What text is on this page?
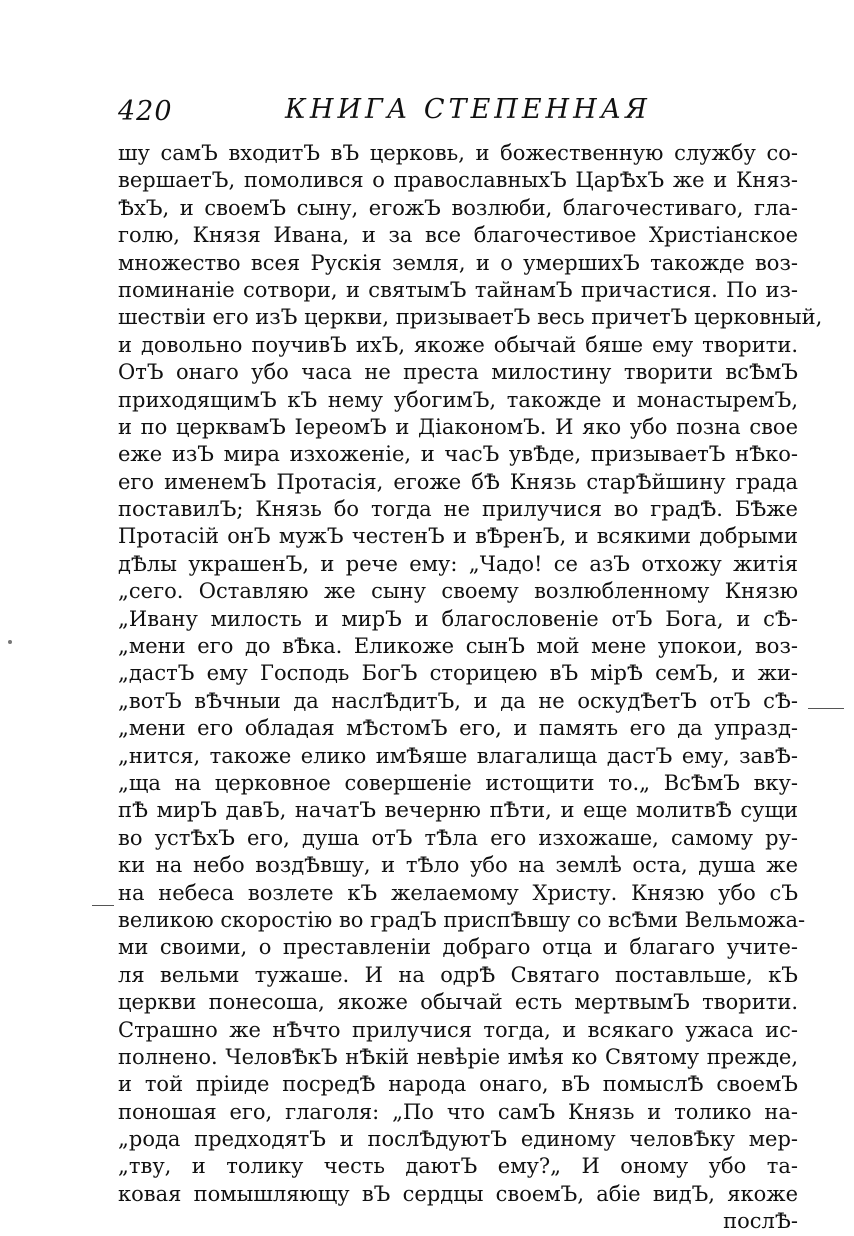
420	КНИГА СТЕПЕННАЯ
шу самЪ входитЪ вЪ церковь, и божественную службу со-
вершаетЪ, помолився о православныхЪ ЦарѢхЪ же и Княз-
ѢхЪ, и своемЪ сыну, егожЪ возлюби, благочестиваго, гла-
голю, Князя Ивана, и за все благочестивое Христіанское
множество всея Рускія земля, и о умершихЪ такожде воз-
поминаніе сотвори, и святымЪ тайнамЪ причастися. По из-
шествіи его изЪ церкви, призываетЪ весь причетЪ церковный,
и довольно поучивЪ ихЪ, якоже обычай бяше ему творити.
ОтЪ онаго убо часа не преста милостину творити всѢмЪ
приходящимЪ кЪ нему убогимЪ, такожде и монастыремЪ,
и по церквамЪ ІереомЪ и ДіакономЪ. И яко убо позна свое
еже изЪ мира изхоженіе, и часЪ увѢде, призываетЪ нѢко-
его именемЪ Протасія, егоже бѢ Князь старѢйшину града
поставилЪ; Князь бо тогда не прилучися во градѢ. БѢже
Протасій онЪ мужЪ честенЪ и вѢренЪ, и всякими добрыми
дѢлы украшенЪ, и рече ему: „Чадо! се азЪ отхожу житія
„сего. Оставляю же сыну своему возлюбленному Князю
„Ивану милость и мирЪ и благословеніе отЪ Бога, и сѢ-
„мени его до вѢка. Еликоже сынЪ мой мене упокои, воз-
„дастЪ ему Господь БогЪ сторицею вЪ мірѢ семЪ, и жи-
„вотЪ вѢчныи да наслѢдитЪ, и да не оскудѢетЪ отЪ сѢ-
„мени его обладая мѢстомЪ его, и память его да упразд-
„нится, такоже елико имѢяше влагалища дастЪ ему, завѢ-
„ща на церковное совершеніе истощити то.„ ВсѢмЪ вку-
пѢ мирЪ давЪ, начатЪ вечерню пѢти, и еще молитвѢ сущи
во устѢхЪ его, душа отЪ тѢла его изхожаше, самому ру-
ки на небо воздѢвшу, и тѢло убо на землѣ оста, душа же
на небеса возлете кЪ желаемому Христу. Князю убо сЪ
великою скоростію во градЪ приспѢвшу со всѢми Вельможа-
ми своими, о преставленіи добраго отца и благаго учите-
ля вельми тужаше. И на одрѢ Святаго поставльше, кЪ
церкви понесоша, якоже обычай есть мертвымЪ творити.
Страшно же нѢчто прилучися тогда, и всякаго ужаса ис-
полнено. ЧеловѢкЪ нѢкій невѣріе имѣя ко Святому прежде,
и той пріиде посредѢ народа онаго, вЪ помыслѢ своемЪ
поношая его, глаголя: „По что самЪ Князь и толико на-
„рода предходятЪ и послѢдуютЪ единому человѢку мер-
„тву, и толику честь даютЪ ему?„ И оному убо та-
ковая помышляющу вЪ сердцы своемЪ, абіе видЪ, якоже
послѢ-
